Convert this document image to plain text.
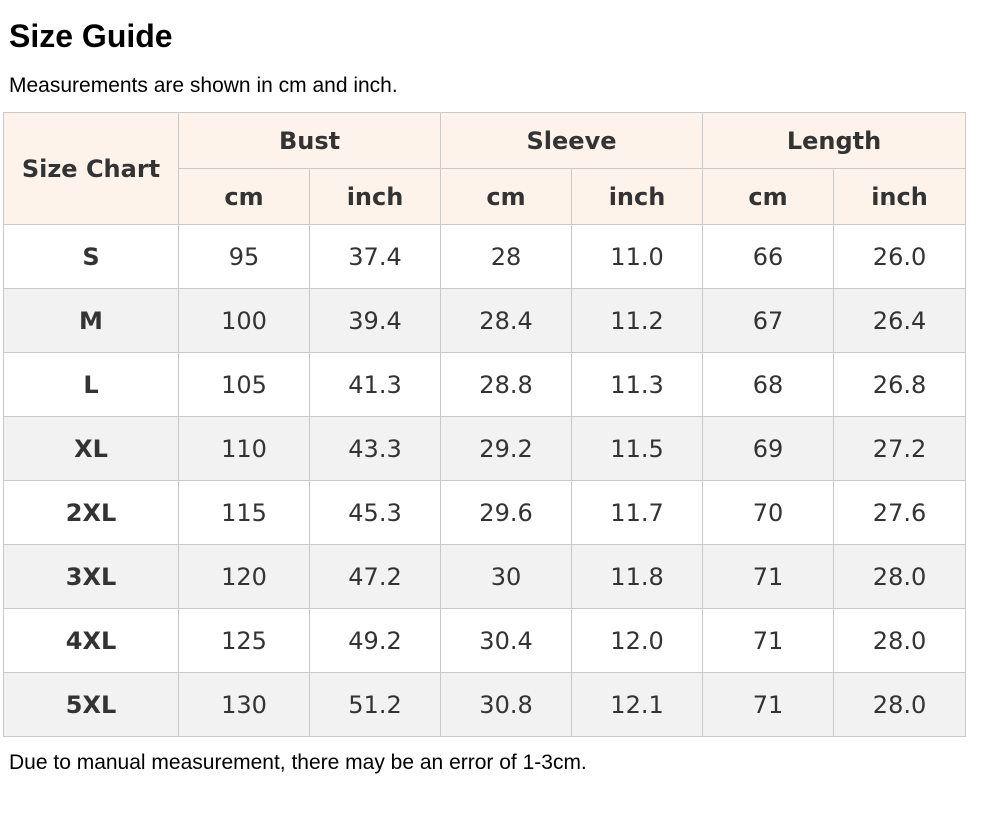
Size Guide

Measurements are shown in cm and inch.

Size Chart	Bust		Sleeve		Length	
	cm	inch	cm	inch	cm	inch
S	95	37.4	28	11.0	66	26.0
M	100	39.4	28.4	11.2	67	26.4
L	105	41.3	28.8	11.3	68	26.8
XL	110	43.3	29.2	11.5	69	27.2
2XL	115	45.3	29.6	11.7	70	27.6
3XL	120	47.2	30	11.8	71	28.0
4XL	125	49.2	30.4	12.0	71	28.0
5XL	130	51.2	30.8	12.1	71	28.0

Due to manual measurement, there may be an error of 1-3cm.
